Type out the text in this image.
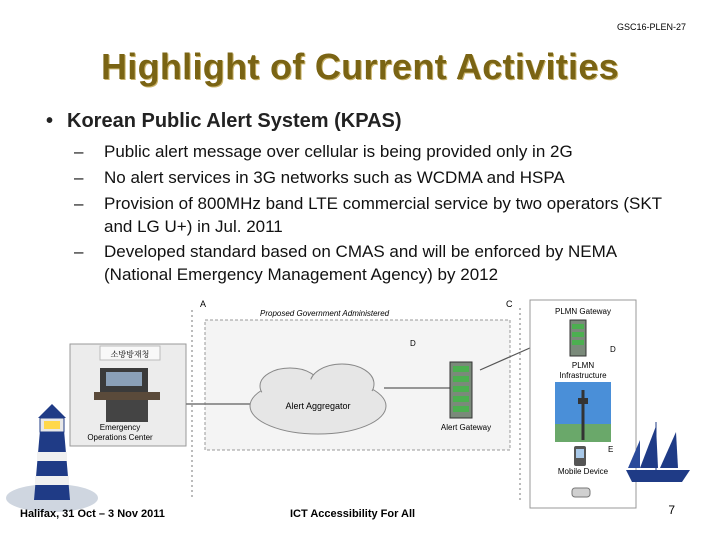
GSC16-PLEN-27
Highlight of Current Activities
• Korean Public Alert System (KPAS)
– Public alert message over cellular is being provided only in 2G
– No alert services in 3G networks such as WCDMA and HSPA
– Provision of 800MHz band LTE commercial service by two operators (SKT and LG U+) in Jul. 2011
– Developed standard based on CMAS and will be enforced by NEMA (National Emergency Management Agency) by 2012
소방방재청
Emergency
Operations Center
A	C
Proposed Government Administered
D
Alert Aggregator
Alert Gateway
PLMN Gateway
D
PLMN
Infrastructure
E
Mobile Device
Halifax, 31 Oct – 3 Nov 2011	ICT Accessibility For All	7
